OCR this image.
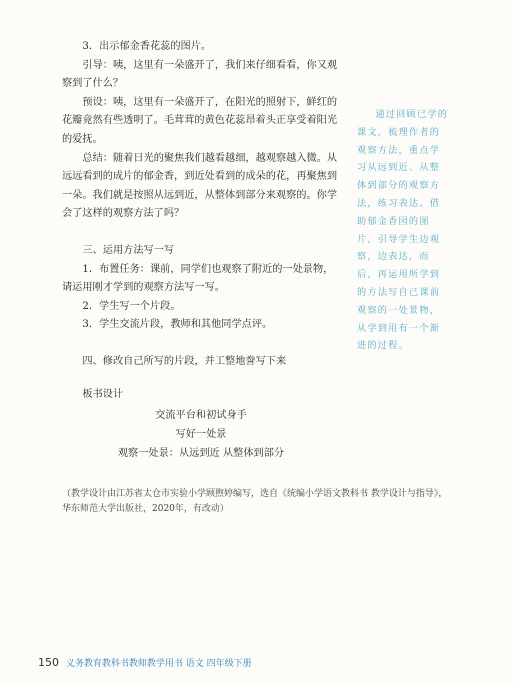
3．出示郁金香花蕊的图片。

引导：咦，这里有一朵盛开了，我们来仔细看看，你又观察到了什么？

预设：咦，这里有一朵盛开了，在阳光的照射下，鲜红的花瓣竟然有些透明了。毛茸茸的黄色花蕊昂着头正享受着阳光的爱抚。

总结：随着日光的聚焦我们越看越细，越观察越入微。从远远看到的成片的郁金香，到近处看到的成朵的花，再聚焦到一朵。我们就是按照从远到近，从整体到部分来观察的。你学会了这样的观察方法了吗？

三、运用方法写一写

1．布置任务：课前，同学们也观察了附近的一处景物，请运用刚才学到的观察方法写一写。

2．学生写一个片段。

3．学生交流片段，教师和其他同学点评。

四、修改自己所写的片段，并工整地誊写下来

板书设计

交流平台和初试身手

写好一处景

观察一处景：从远到近 从整体到部分

（教学设计由江苏省太仓市实验小学顾煦婷编写，选自《统编小学语文教科书 教学设计与指导》，华东师范大学出版社，2020年，有改动）

通过回顾已学的课文，梳理作者的观察方法，重点学习从远到近、从整体到部分的观察方法，练习表达。借助郁金香园的图片，引导学生边观察，边表达，而后，再运用所学到的方法写自己课前观察的一处景物，从学到用有一个渐进的过程。

150 义务教育教科书教师教学用书 语文 四年级下册
